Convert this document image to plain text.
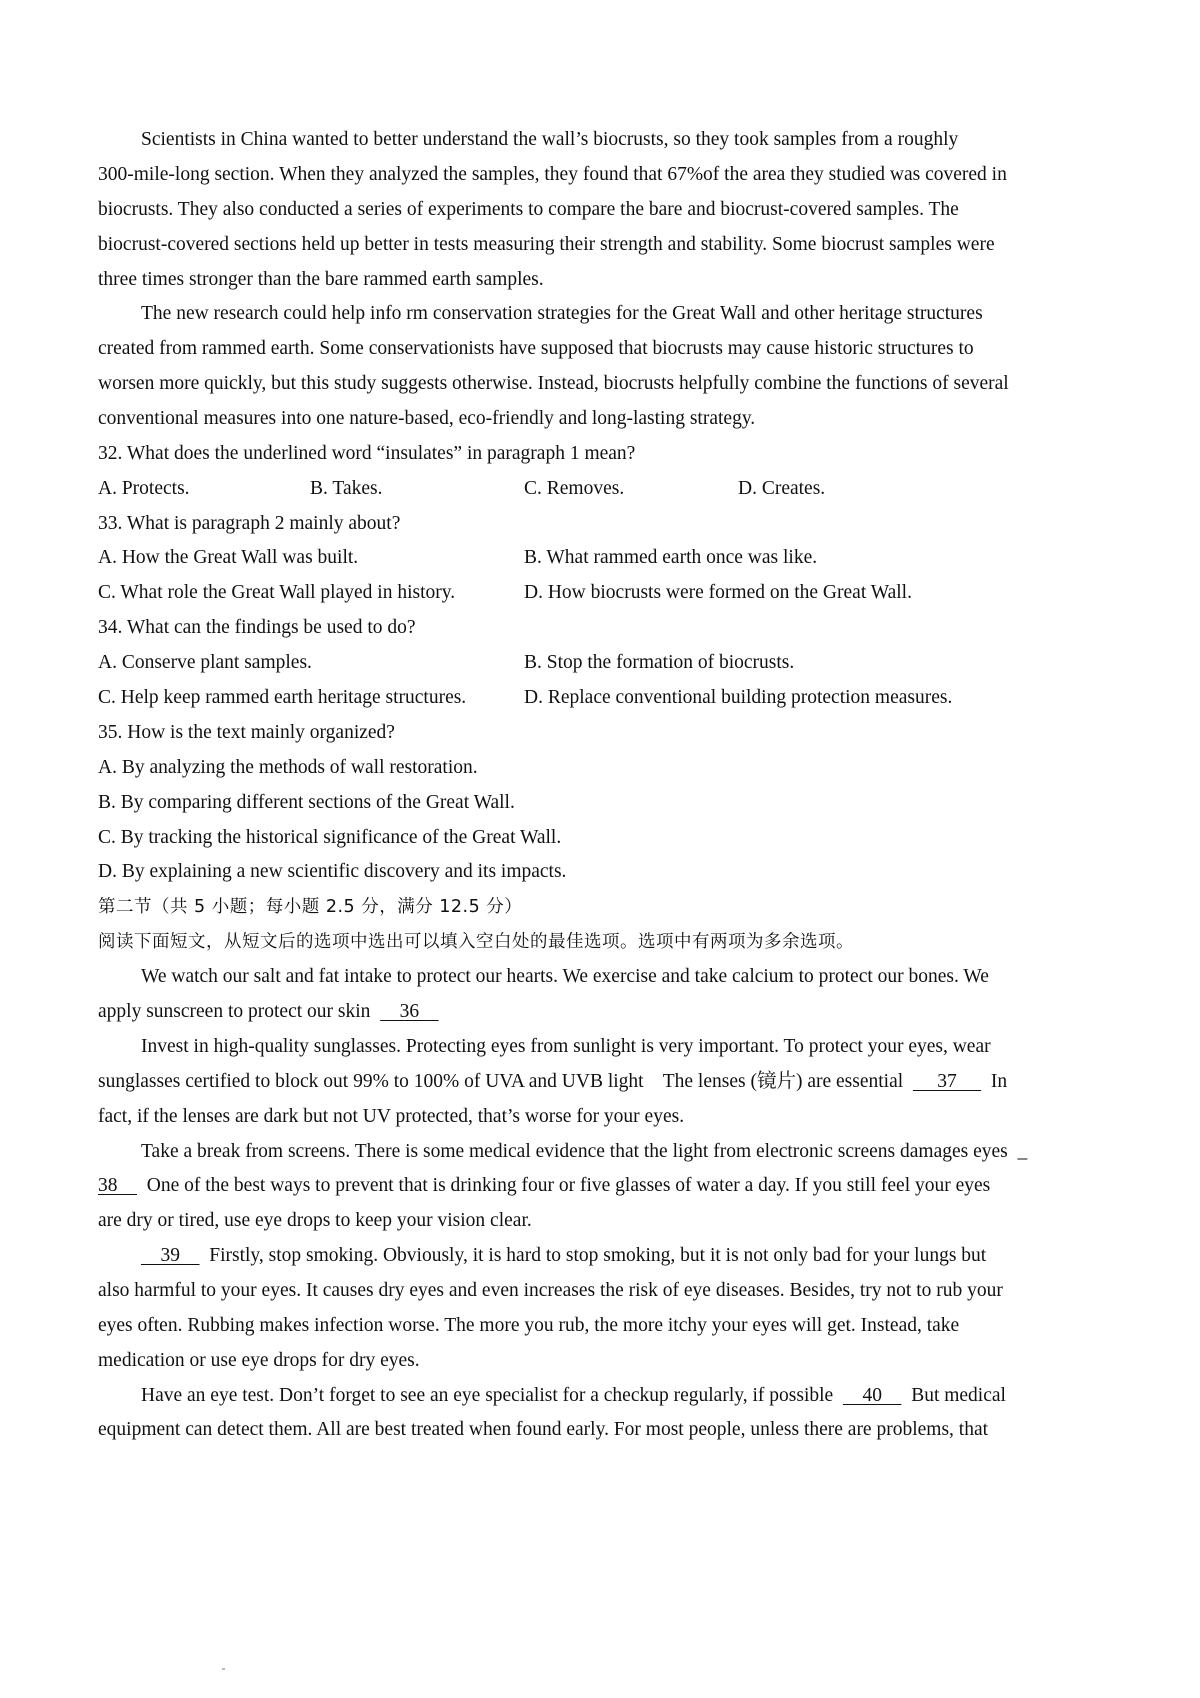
Scientists in China wanted to better understand the wall’s biocrusts, so they took samples from a roughly
300-mile-long section. When they analyzed the samples, they found that 67%of the area they studied was covered in
biocrusts. They also conducted a series of experiments to compare the bare and biocrust-covered samples. The
biocrust-covered sections held up better in tests measuring their strength and stability. Some biocrust samples were
three times stronger than the bare rammed earth samples.
The new research could help info rm conservation strategies for the Great Wall and other heritage structures
created from rammed earth. Some conservationists have supposed that biocrusts may cause historic structures to
worsen more quickly, but this study suggests otherwise. Instead, biocrusts helpfully combine the functions of several
conventional measures into one nature-based, eco-friendly and long-lasting strategy.
32. What does the underlined word “insulates” in paragraph 1 mean?
A. Protects.	B. Takes.	C. Removes.	D. Creates.
33. What is paragraph 2 mainly about?
A. How the Great Wall was built.	B. What rammed earth once was like.
C. What role the Great Wall played in history.	D. How biocrusts were formed on the Great Wall.
34. What can the findings be used to do?
A. Conserve plant samples.	B. Stop the formation of biocrusts.
C. Help keep rammed earth heritage structures.	D. Replace conventional building protection measures.
35. How is the text mainly organized?
A. By analyzing the methods of wall restoration.
B. By comparing different sections of the Great Wall.
C. By tracking the historical significance of the Great Wall.
D. By explaining a new scientific discovery and its impacts.
第二节（共 5 小题；每小题 2.5 分，满分 12.5 分）
阅读下面短文，从短文后的选项中选出可以填入空白处的最佳选项。选项中有两项为多余选项。
We watch our salt and fat intake to protect our hearts. We exercise and take calcium to protect our bones. We
apply sunscreen to protect our skin      36
Invest in high-quality sunglasses. Protecting eyes from sunlight is very important. To protect your eyes, wear
sunglasses certified to block out 99% to 100% of UVA and UVB light    The lenses (镜片) are essential       37       In
fact, if the lenses are dark but not UV protected, that’s worse for your eyes.
Take a break from screens. There is some medical evidence that the light from electronic screens damages eyes  _
38      One of the best ways to prevent that is drinking four or five glasses of water a day. If you still feel your eyes
are dry or tired, use eye drops to keep your vision clear.
39      Firstly, stop smoking. Obviously, it is hard to stop smoking, but it is not only bad for your lungs but
also harmful to your eyes. It causes dry eyes and even increases the risk of eye diseases. Besides, try not to rub your
eyes often. Rubbing makes infection worse. The more you rub, the more itchy your eyes will get. Instead, take
medication or use eye drops for dry eyes.
Have an eye test. Don’t forget to see an eye specialist for a checkup regularly, if possible      40      But medical
equipment can detect them. All are best treated when found early. For most people, unless there are problems, that
